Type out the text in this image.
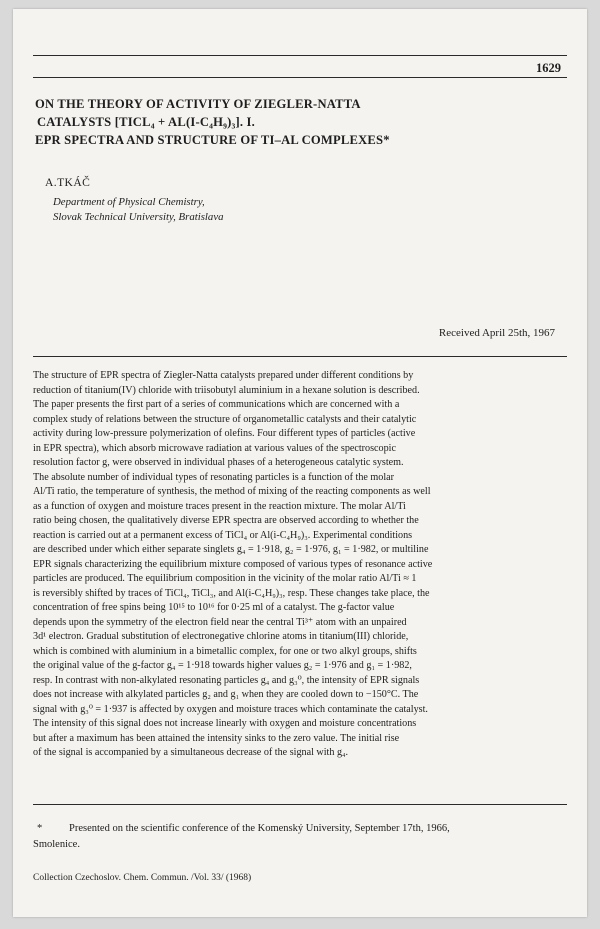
1629
ON THE THEORY OF ACTIVITY OF ZIEGLER-NATTA
CATALYSTS [TICL₄ + AL(I-C₄H₉)₃]. I.
EPR SPECTRA AND STRUCTURE OF TI–AL COMPLEXES*
A.TKÁČ
Department of Physical Chemistry,
Slovak Technical University, Bratislava
Received April 25th, 1967
The structure of EPR spectra of Ziegler-Natta catalysts prepared under different conditions by
reduction of titanium(IV) chloride with triisobutyl aluminium in a hexane solution is described.
The paper presents the first part of a series of communications which are concerned with a
complex study of relations between the structure of organometallic catalysts and their catalytic
activity during low-pressure polymerization of olefins. Four different types of particles (active
in EPR spectra), which absorb microwave radiation at various values of the spectroscopic
resolution factor g, were observed in individual phases of a heterogeneous catalytic system.
The absolute number of individual types of resonating particles is a function of the molar
Al/Ti ratio, the temperature of synthesis, the method of mixing of the reacting components as well
as a function of oxygen and moisture traces present in the reaction mixture. The molar Al/Ti
ratio being chosen, the qualitatively diverse EPR spectra are observed according to whether the
reaction is carried out at a permanent excess of TiCl₄ or Al(i-C₄H₉)₃. Experimental conditions
are described under which either separate singlets g₄ = 1·918, g₂ = 1·976, g₁ = 1·982, or multiline
EPR signals characterizing the equilibrium mixture composed of various types of resonance active
particles are produced. The equilibrium composition in the vicinity of the molar ratio Al/Ti ≈ 1
is reversibly shifted by traces of TiCl₄, TiCl₃, and Al(i-C₄H₉)₃, resp. These changes take place, the
concentration of free spins being 10¹⁵ to 10¹⁶ for 0·25 ml of a catalyst. The g-factor value
depends upon the symmetry of the electron field near the central Ti³⁺ atom with an unpaired
3d¹ electron. Gradual substitution of electronegative chlorine atoms in titanium(III) chloride,
which is combined with aluminium in a bimetallic complex, for one or two alkyl groups, shifts
the original value of the g-factor g₄ = 1·918 towards higher values g₂ = 1·976 and g₁ = 1·982,
resp. In contrast with non-alkylated resonating particles g₄ and g₃⁰, the intensity of EPR signals
does not increase with alkylated particles g₂ and g₁ when they are cooled down to −150°C. The
signal with g₃⁰ = 1·937 is affected by oxygen and moisture traces which contaminate the catalyst.
The intensity of this signal does not increase linearly with oxygen and moisture concentrations
but after a maximum has been attained the intensity sinks to the zero value. The initial rise
of the signal is accompanied by a simultaneous decrease of the signal with g₄.
*	Presented on the scientific conference of the Komenský University, September 17th, 1966,
Smolenice.
Collection Czechoslov. Chem. Commun. /Vol. 33/ (1968)
